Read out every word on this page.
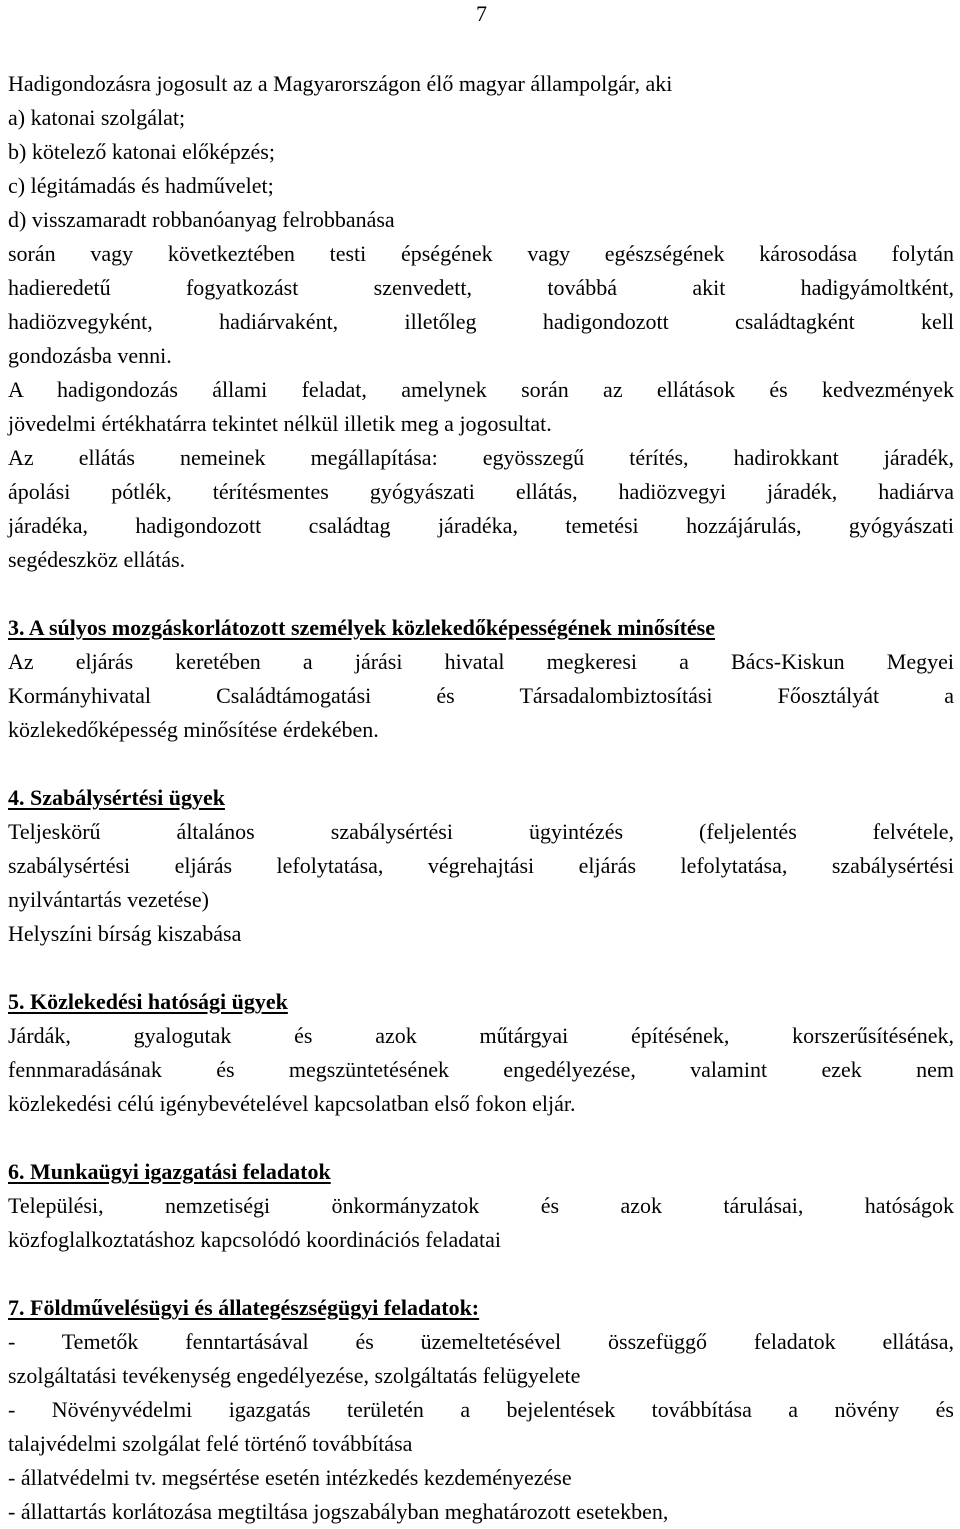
7
Hadigondozásra jogosult az a Magyarországon élő magyar állampolgár, aki
a) katonai szolgálat;
b) kötelező katonai előképzés;
c) légitámadás és hadművelet;
d) visszamaradt robbanóanyag felrobbanása
során vagy következtében testi épségének vagy egészségének károsodása folytán
hadieredetű fogyatkozást szenvedett, továbbá akit hadigyámoltként,
hadiözvegyként, hadiárvaként, illetőleg hadigondozott családtagként kell
gondozásba venni.
A hadigondozás állami feladat, amelynek során az ellátások és kedvezmények
jövedelmi értékhatárra tekintet nélkül illetik meg a jogosultat.
Az ellátás nemeinek megállapítása: egyösszegű térítés, hadirokkant járadék,
ápolási pótlék, térítésmentes gyógyászati ellátás, hadiözvegyi járadék, hadiárva
járadéka, hadigondozott családtag járadéka, temetési hozzájárulás, gyógyászati
segédeszköz ellátás.
3. A súlyos mozgáskorlátozott személyek közlekedőképességének minősítése
Az eljárás keretében a járási hivatal megkeresi a Bács-Kiskun Megyei
Kormányhivatal Családtámogatási és Társadalombiztosítási Főosztályát a
közlekedőképesség minősítése érdekében.
4. Szabálysértési ügyek
Teljeskörű általános szabálysértési ügyintézés (feljelentés felvétele,
szabálysértési eljárás lefolytatása, végrehajtási eljárás lefolytatása, szabálysértési
nyilvántartás vezetése)
Helyszíni bírság kiszabása
5. Közlekedési hatósági ügyek
Járdák, gyalogutak és azok műtárgyai építésének, korszerűsítésének,
fennmaradásának és megszüntetésének engedélyezése, valamint ezek nem
közlekedési célú igénybevételével kapcsolatban első fokon eljár.
6. Munkaügyi igazgatási feladatok
Települési, nemzetiségi önkormányzatok és azok tárulásai, hatóságok
közfoglalkoztatáshoz kapcsolódó koordinációs feladatai
7. Földművelésügyi és állategészségügyi feladatok:
- Temetők fenntartásával és üzemeltetésével összefüggő feladatok ellátása,
szolgáltatási tevékenység engedélyezése, szolgáltatás felügyelete
- Növényvédelmi igazgatás területén a bejelentések továbbítása a növény és
talajvédelmi szolgálat felé történő továbbítása
- állatvédelmi tv. megsértése esetén intézkedés kezdeményezése
- állattartás korlátozása megtiltása jogszabályban meghatározott esetekben,
